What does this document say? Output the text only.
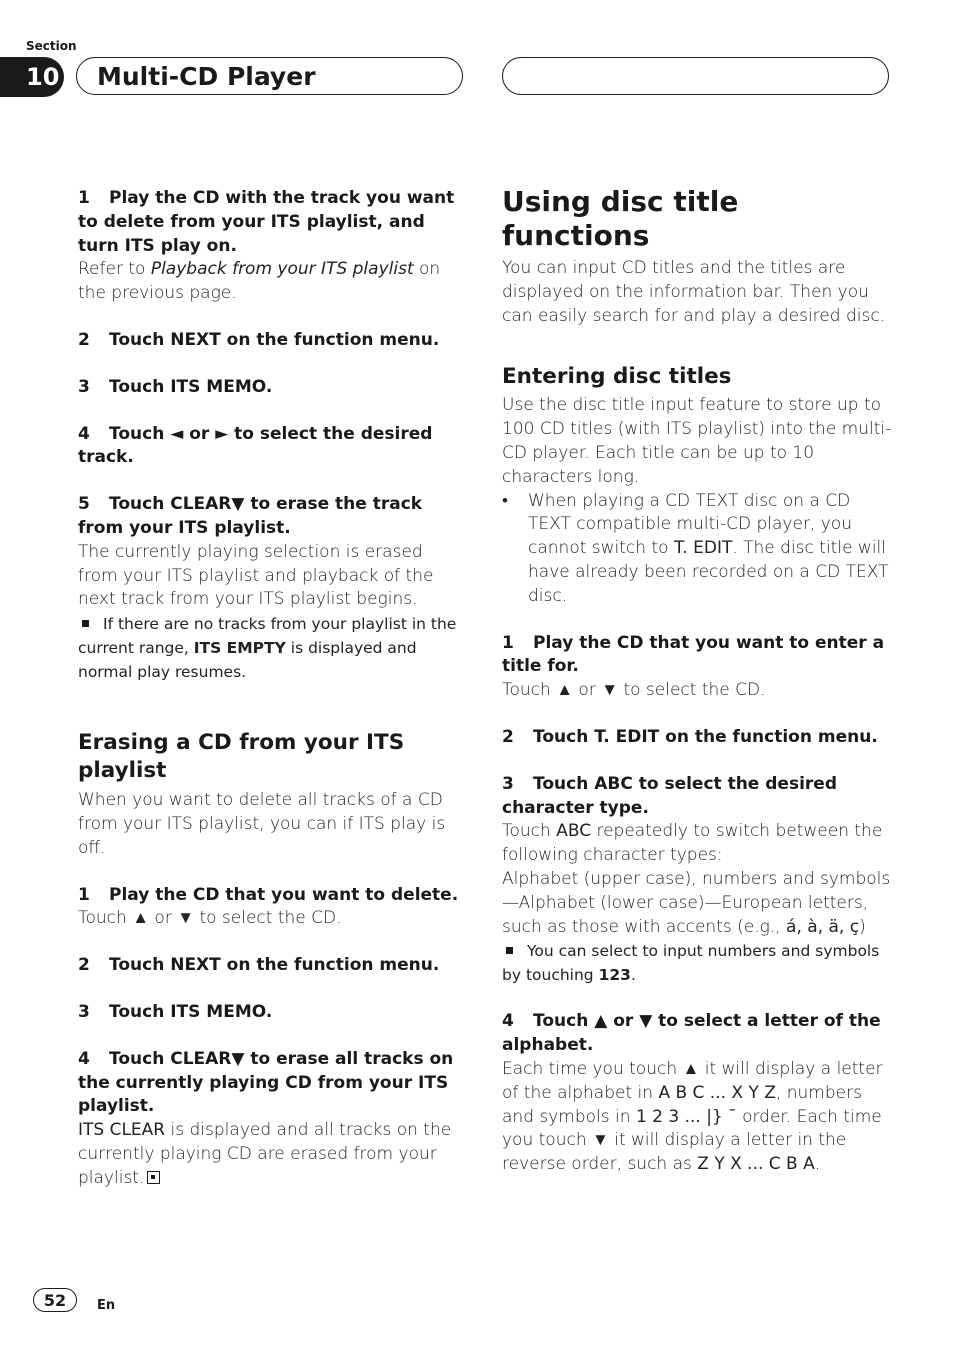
Section
10	Multi-CD Player

1 Play the CD with the track you want to delete from your ITS playlist, and turn ITS play on.

Refer to Playback from your ITS playlist on the previous page.

2 Touch NEXT on the function menu.

3 Touch ITS MEMO.

4 Touch ◄ or ► to select the desired track.

5 Touch CLEAR▼ to erase the track from your ITS playlist.

The currently playing selection is erased from your ITS playlist and playback of the next track from your ITS playlist begins.

If there are no tracks from your playlist in the current range, ITS EMPTY is displayed and normal play resumes.

Erasing a CD from your ITS playlist

When you want to delete all tracks of a CD from your ITS playlist, you can if ITS play is off.

1 Play the CD that you want to delete.

Touch ▲ or ▼ to select the CD.

2 Touch NEXT on the function menu.

3 Touch ITS MEMO.

4 Touch CLEAR▼ to erase all tracks on the currently playing CD from your ITS playlist.

ITS CLEAR is displayed and all tracks on the currently playing CD are erased from your playlist.

Using disc title functions

You can input CD titles and the titles are displayed on the information bar. Then you can easily search for and play a desired disc.

Entering disc titles

Use the disc title input feature to store up to 100 CD titles (with ITS playlist) into the multi-CD player. Each title can be up to 10 characters long.

• When playing a CD TEXT disc on a CD TEXT compatible multi-CD player, you cannot switch to T. EDIT. The disc title will have already been recorded on a CD TEXT disc.

1 Play the CD that you want to enter a title for.

Touch ▲ or ▼ to select the CD.

2 Touch T. EDIT on the function menu.

3 Touch ABC to select the desired character type.

Touch ABC repeatedly to switch between the following character types:

Alphabet (upper case), numbers and symbols—Alphabet (lower case)—European letters, such as those with accents (e.g., á, à, ä, ç)

You can select to input numbers and symbols by touching 123.

4 Touch ▲ or ▼ to select a letter of the alphabet.

Each time you touch ▲ it will display a letter of the alphabet in A B C ... X Y Z, numbers and symbols in 1 2 3 ... |} ¯ order. Each time you touch ▼ it will display a letter in the reverse order, such as Z Y X ... C B A.

52	En
